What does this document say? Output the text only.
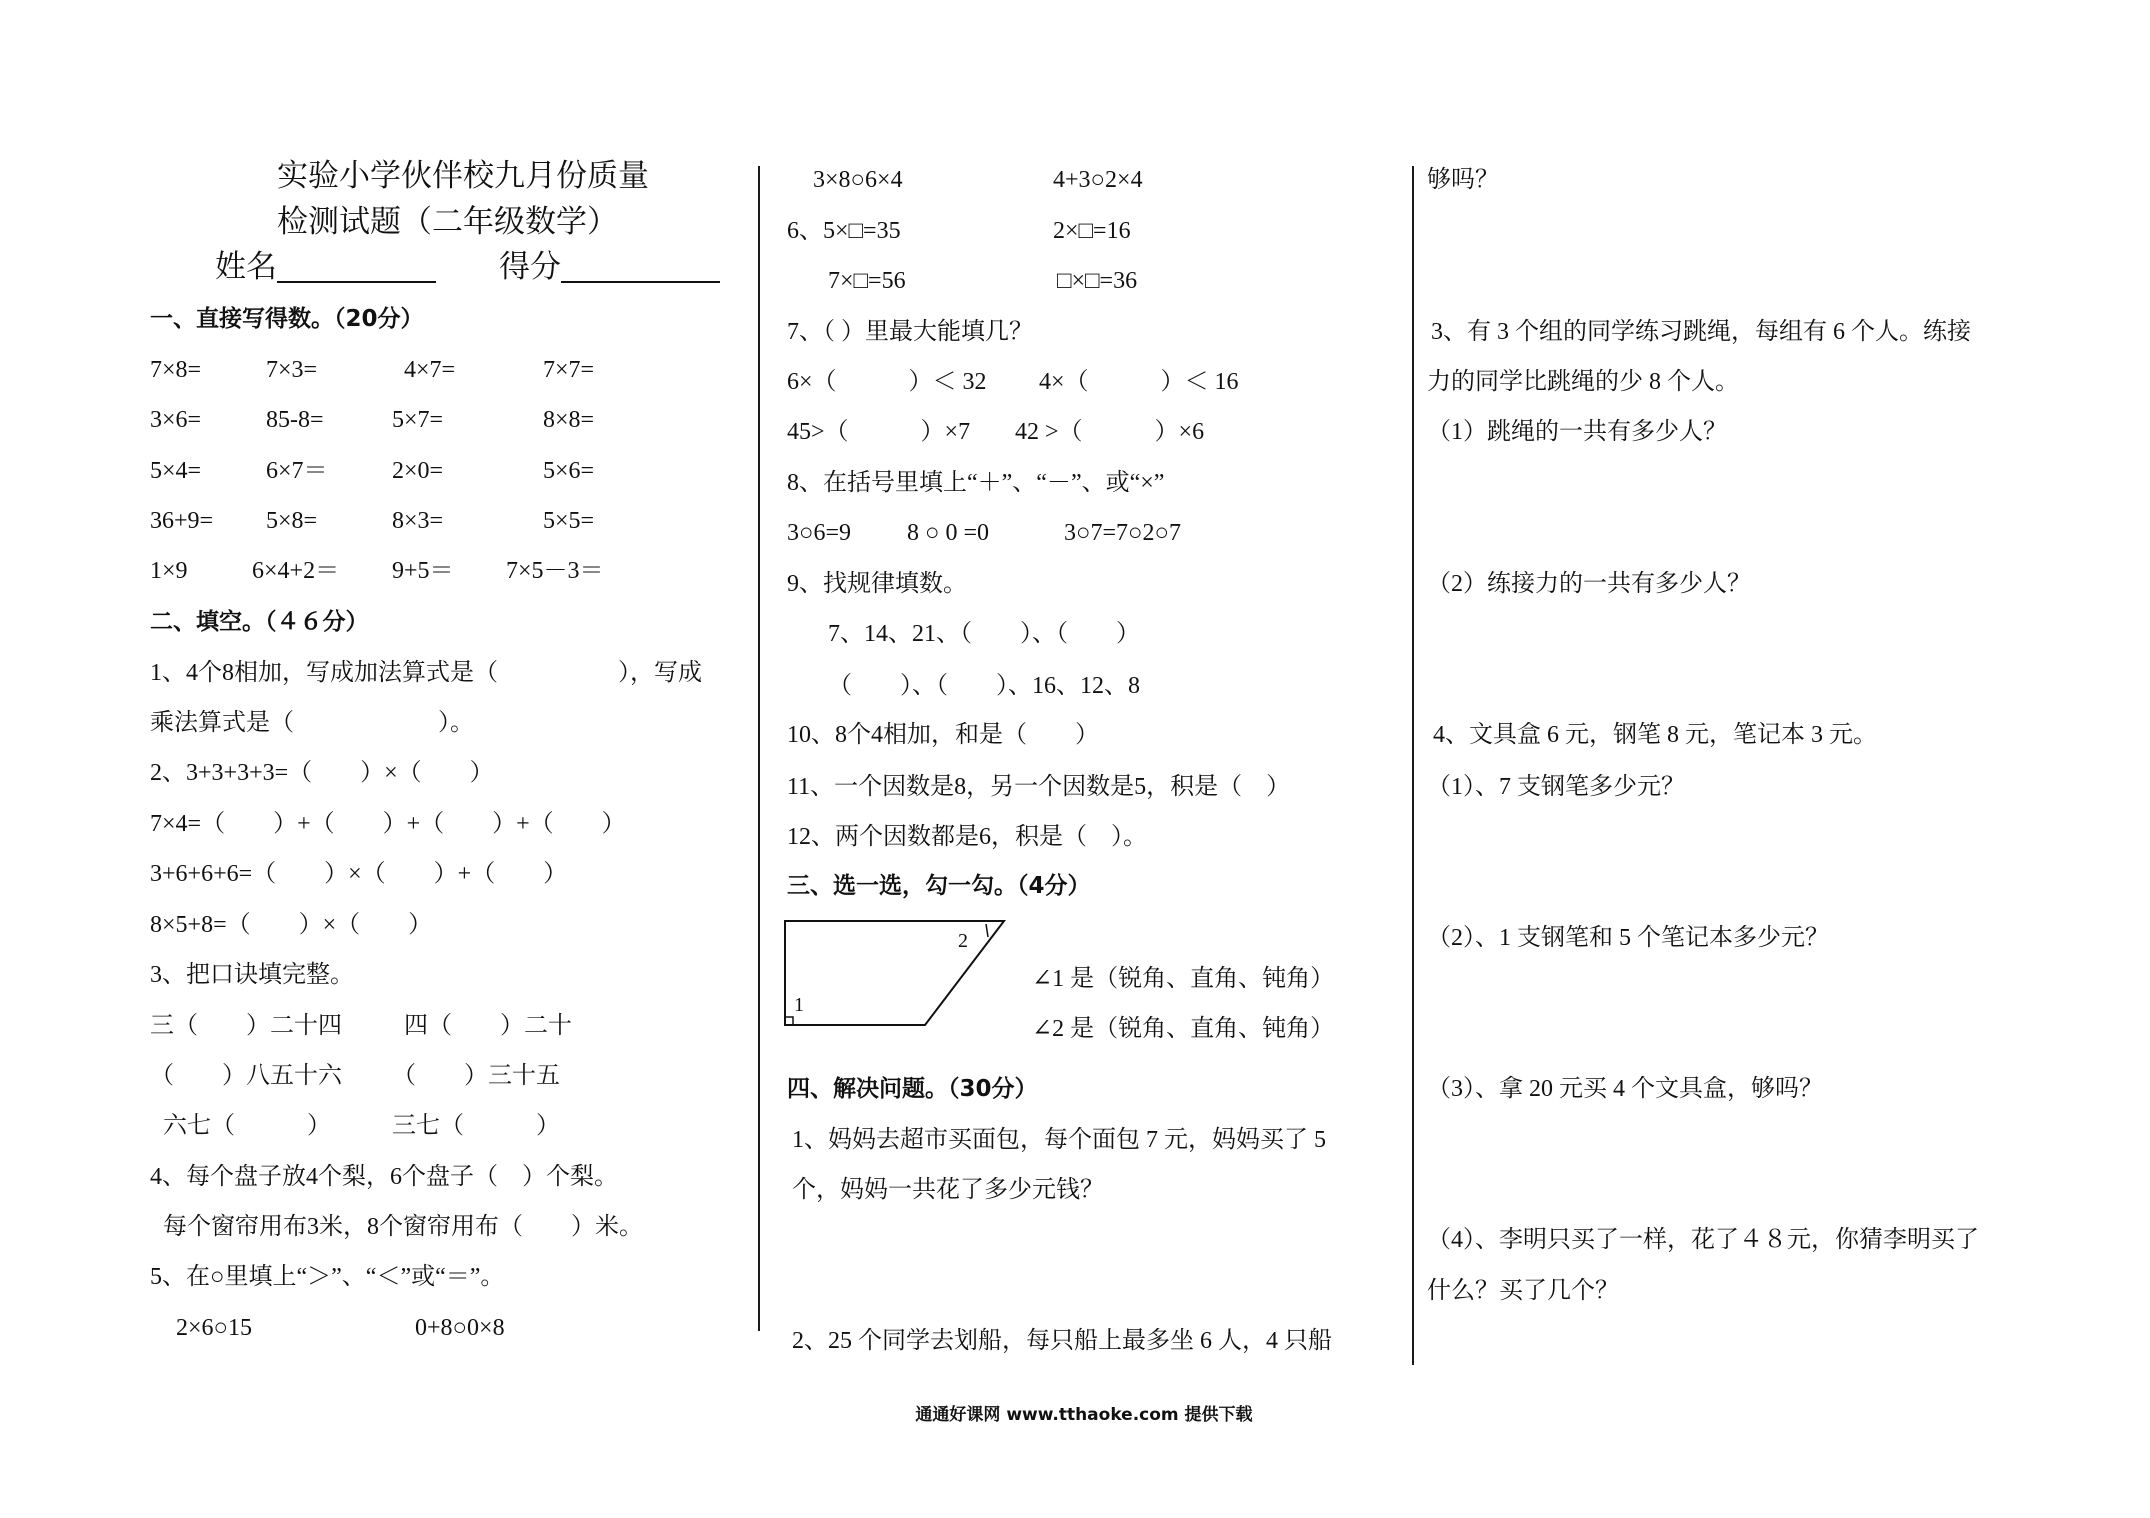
实验小学伙伴校九月份质量
检测试题（二年级数学）
姓名	得分
一、直接写得数。（20分）
7×8=	7×3=	4×7=	7×7=
3×6=	85-8=	5×7=	8×8=
5×4=	6×7＝	2×0=	5×6=
36+9= 5×8=	8×3=	5×5=
1×9	6×4+2＝ 9+5＝ 7×5－3＝
二、填空。（４６分）
1、4个8相加，写成加法算式是（　　　　　），写成
乘法算式是（　　　　　　）。
2、3+3+3+3=（　　）×（　　）
7×4=（　　）+（　　）+（　　）+（　　）
3+6+6+6=（　　）×（　　）+（　　）
8×5+8=（　　）×（　　）
3、把口诀填完整。
三（　　）二十四	四（　　）二十
（　　）八五十六 （　　）三十五
六七（　　　）	三七（　　　）
4、每个盘子放4个梨，6个盘子（　）个梨。
每个窗帘用布3米，8个窗帘用布（　　）米。
5、在○里填上“＞”、“＜”或“＝”。
2×6○15	0+8○0×8
3×8○6×4	4+3○2×4
6、5×□=35	2×□=16
7×□=56	□×□=36
7、（ ）里最大能填几？
6×（　　　）＜ 32 4×（　　　）＜ 16
45>（　　　）×7 42 >（　　　）×6
8、在括号里填上“＋”、“－”、或“×”
3○6=9 8 ○ 0 =0	3○7=7○2○7
9、找规律填数。
7、14、21、（　　）、（　　）
（　　）、（　　）、16、12、8
10、8个4相加，和是（　　）
11、一个因数是8，另一个因数是5，积是（　）
12、两个因数都是6，积是（　）。
三、选一选，勾一勾。（4分）
2
1
∠1 是（锐角、直角、钝角）
∠2 是（锐角、直角、钝角）
四、解决问题。（30分）
1、妈妈去超市买面包，每个面包 7 元，妈妈买了 5
个，妈妈一共花了多少元钱？
2、25 个同学去划船，每只船上最多坐 6 人，4 只船
够吗？
3、有 3 个组的同学练习跳绳，每组有 6 个人。练接
力的同学比跳绳的少 8 个人。
（1）跳绳的一共有多少人？
（2）练接力的一共有多少人？
4、文具盒 6 元，钢笔 8 元，笔记本 3 元。
（1）、7 支钢笔多少元？
（2）、1 支钢笔和 5 个笔记本多少元？
（3）、拿 20 元买 4 个文具盒，够吗？
（4）、李明只买了一样，花了４８元，你猜李明买了
什么？买了几个？
通通好课网 www.tthaoke.com 提供下载
